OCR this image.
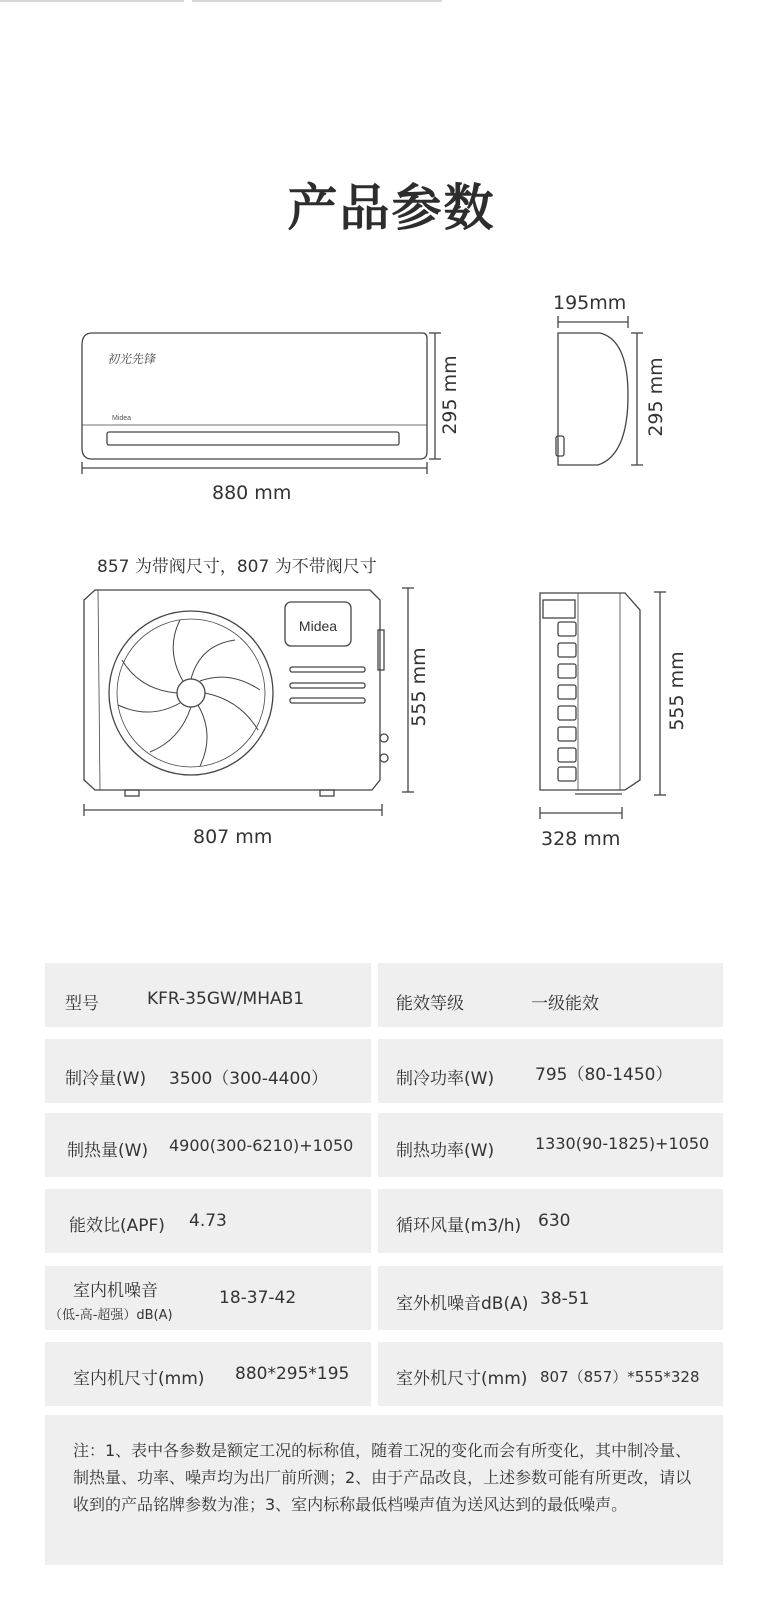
产品参数
初光先锋
Midea
Midea
880 mm
295 mm
195mm
295 mm
857 为带阀尺寸，807 为不带阀尺寸
807 mm
555 mm
328 mm
555 mm
型号	KFR-35GW/MHAB1	能效等级	一级能效
制冷量(W) 3500（300-4400）	制冷功率(W) 795（80-1450）
制热量(W) 4900(300-6210)+1050	制热功率(W)	1330(90-1825)+1050
能效比(APF) 4.73	循环风量(m3/h) 630
室内机噪音
（低-高-超强）dB(A)
18-37-42	室外机噪音dB(A) 38-51
室内机尺寸(mm) 880*295*195	室外机尺寸(mm) 807（857）*555*328
注：1、表中各参数是额定工况的标称值，随着工况的变化而会有所变化，其中制冷量、制热量、功率、噪声均为出厂前所测；2、由于产品改良，上述参数可能有所更改，请以收到的产品铭牌参数为准；3、室内标称最低档噪声值为送风达到的最低噪声。
